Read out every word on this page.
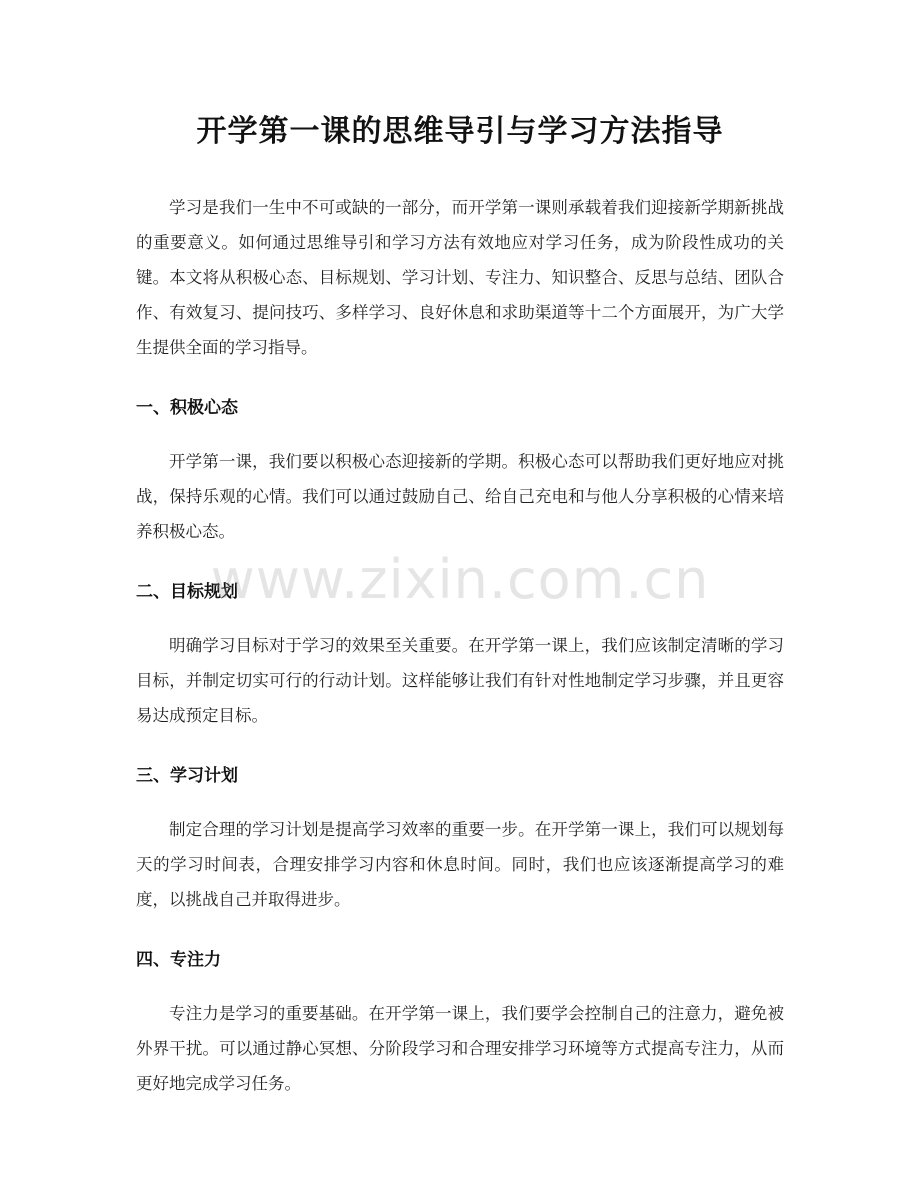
开学第一课的思维导引与学习方法指导

学习是我们一生中不可或缺的一部分，而开学第一课则承载着我们迎接新学期新挑战的重要意义。如何通过思维导引和学习方法有效地应对学习任务，成为阶段性成功的关键。本文将从积极心态、目标规划、学习计划、专注力、知识整合、反思与总结、团队合作、有效复习、提问技巧、多样学习、良好休息和求助渠道等十二个方面展开，为广大学生提供全面的学习指导。

一、积极心态

开学第一课，我们要以积极心态迎接新的学期。积极心态可以帮助我们更好地应对挑战，保持乐观的心情。我们可以通过鼓励自己、给自己充电和与他人分享积极的心情来培养积极心态。

二、目标规划

明确学习目标对于学习的效果至关重要。在开学第一课上，我们应该制定清晰的学习目标，并制定切实可行的行动计划。这样能够让我们有针对性地制定学习步骤，并且更容易达成预定目标。

三、学习计划

制定合理的学习计划是提高学习效率的重要一步。在开学第一课上，我们可以规划每天的学习时间表，合理安排学习内容和休息时间。同时，我们也应该逐渐提高学习的难度，以挑战自己并取得进步。

四、专注力

专注力是学习的重要基础。在开学第一课上，我们要学会控制自己的注意力，避免被外界干扰。可以通过静心冥想、分阶段学习和合理安排学习环境等方式提高专注力，从而更好地完成学习任务。

www.zixin.com.cn
